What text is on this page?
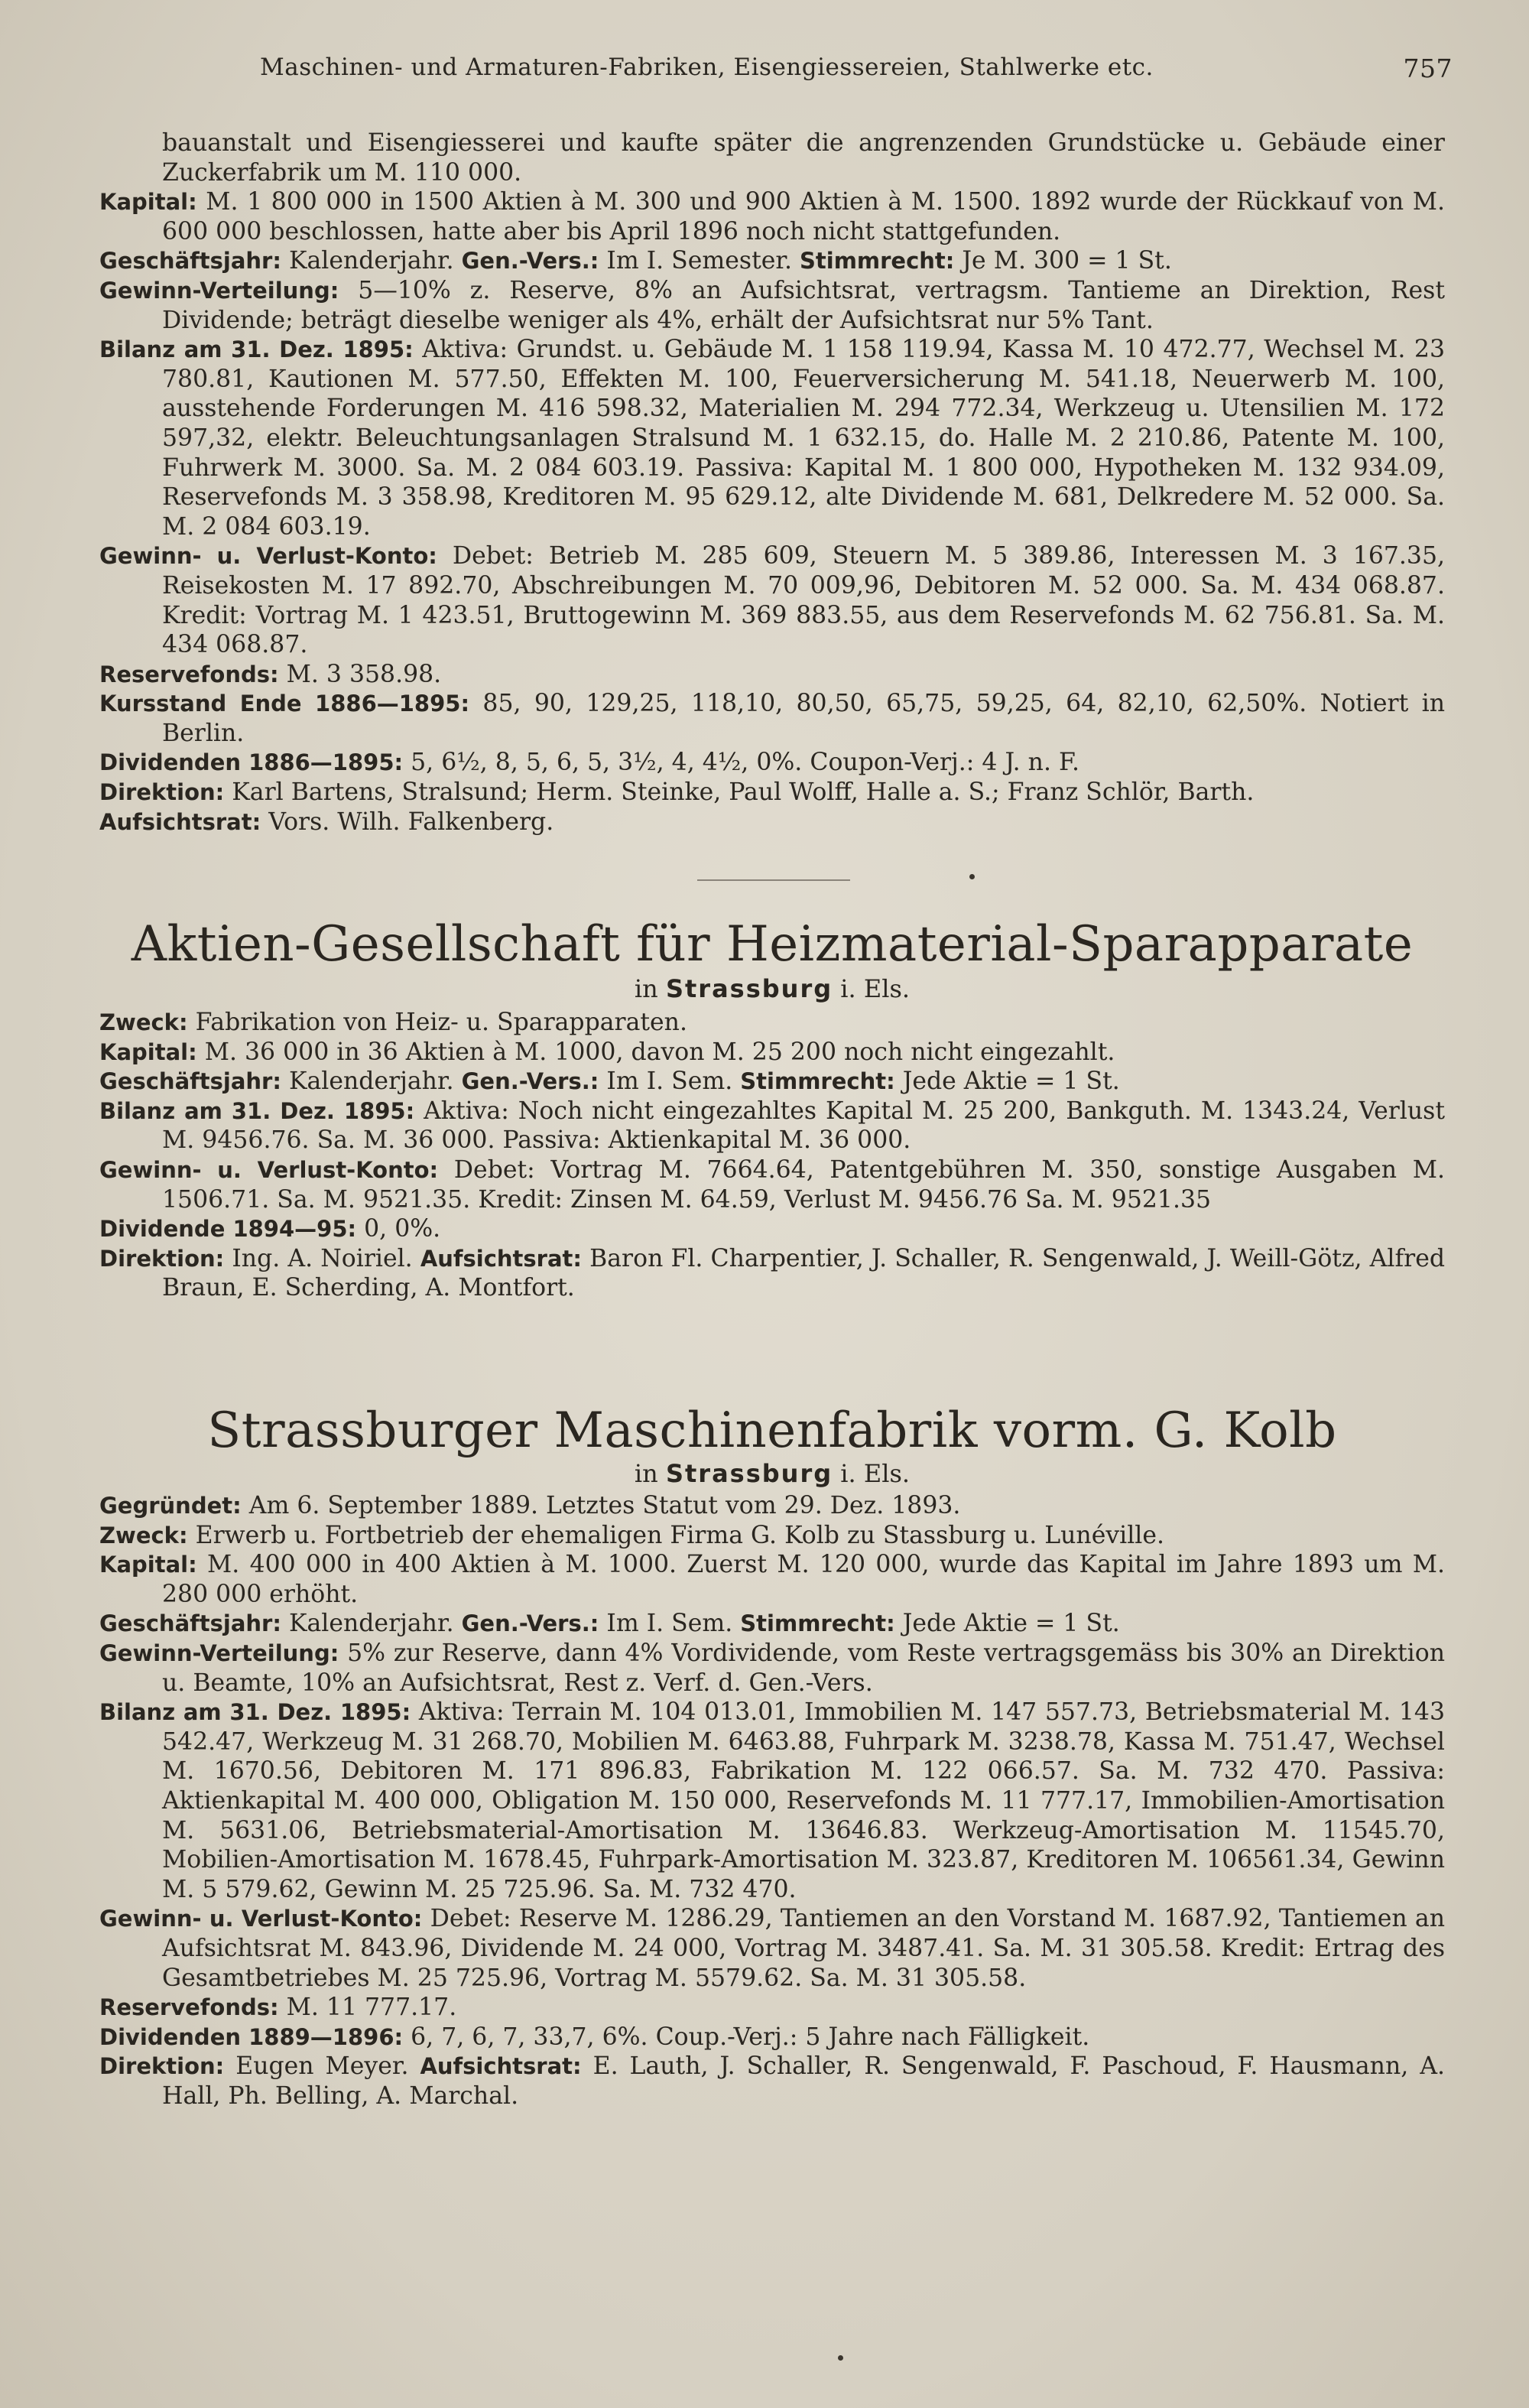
Maschinen- und Armaturen-Fabriken, Eisengiessereien, Stahlwerke etc.	757

bauanstalt und Eisengiesserei und kaufte später die angrenzenden Grundstücke u. Gebäude einer Zuckerfabrik um M. 110 000.

Kapital: M. 1 800 000 in 1500 Aktien à M. 300 und 900 Aktien à M. 1500. 1892 wurde der Rückkauf von M. 600 000 beschlossen, hatte aber bis April 1896 noch nicht stattgefunden.

Geschäftsjahr: Kalenderjahr. Gen.-Vers.: Im I. Semester. Stimmrecht: Je M. 300 = 1 St.

Gewinn-Verteilung: 5—10% z. Reserve, 8% an Aufsichtsrat, vertragsm. Tantieme an Direktion, Rest Dividende; beträgt dieselbe weniger als 4%, erhält der Aufsichtsrat nur 5% Tant.

Bilanz am 31. Dez. 1895: Aktiva: Grundst. u. Gebäude M. 1 158 119.94, Kassa M. 10 472.77, Wechsel M. 23 780.81, Kautionen M. 577.50, Effekten M. 100, Feuerversicherung M. 541.18, Neuerwerb M. 100, ausstehende Forderungen M. 416 598.32, Materialien M. 294 772.34, Werkzeug u. Utensilien M. 172 597,32, elektr. Beleuchtungsanlagen Stralsund M. 1 632.15, do. Halle M. 2 210.86, Patente M. 100, Fuhrwerk M. 3000. Sa. M. 2 084 603.19. Passiva: Kapital M. 1 800 000, Hypotheken M. 132 934.09, Reservefonds M. 3 358.98, Kreditoren M. 95 629.12, alte Dividende M. 681, Delkredere M. 52 000. Sa. M. 2 084 603.19.

Gewinn- u. Verlust-Konto: Debet: Betrieb M. 285 609, Steuern M. 5 389.86, Interessen M. 3 167.35, Reisekosten M. 17 892.70, Abschreibungen M. 70 009,96, Debitoren M. 52 000. Sa. M. 434 068.87. Kredit: Vortrag M. 1 423.51, Bruttogewinn M. 369 883.55, aus dem Reservefonds M. 62 756.81. Sa. M. 434 068.87.

Reservefonds: M. 3 358.98.

Kursstand Ende 1886—1895: 85, 90, 129,25, 118,10, 80,50, 65,75, 59,25, 64, 82,10, 62,50%. Notiert in Berlin.

Dividenden 1886—1895: 5, 6½, 8, 5, 6, 5, 3½, 4, 4½, 0%. Coupon-Verj.: 4 J. n. F.

Direktion: Karl Bartens, Stralsund; Herm. Steinke, Paul Wolff, Halle a. S.; Franz Schlör, Barth.

Aufsichtsrat: Vors. Wilh. Falkenberg.

Aktien-Gesellschaft für Heizmaterial-Sparapparate
in Strassburg i. Els.

Zweck: Fabrikation von Heiz- u. Sparapparaten.

Kapital: M. 36 000 in 36 Aktien à M. 1000, davon M. 25 200 noch nicht eingezahlt.

Geschäftsjahr: Kalenderjahr. Gen.-Vers.: Im I. Sem. Stimmrecht: Jede Aktie = 1 St.

Bilanz am 31. Dez. 1895: Aktiva: Noch nicht eingezahltes Kapital M. 25 200, Bankguth. M. 1343.24, Verlust M. 9456.76. Sa. M. 36 000. Passiva: Aktienkapital M. 36 000.

Gewinn- u. Verlust-Konto: Debet: Vortrag M. 7664.64, Patentgebühren M. 350, sonstige Ausgaben M. 1506.71. Sa. M. 9521.35. Kredit: Zinsen M. 64.59, Verlust M. 9456.76 Sa. M. 9521.35

Dividende 1894—95: 0, 0%.

Direktion: Ing. A. Noiriel. Aufsichtsrat: Baron Fl. Charpentier, J. Schaller, R. Sengenwald, J. Weill-Götz, Alfred Braun, E. Scherding, A. Montfort.

Strassburger Maschinenfabrik vorm. G. Kolb
in Strassburg i. Els.

Gegründet: Am 6. September 1889. Letztes Statut vom 29. Dez. 1893.

Zweck: Erwerb u. Fortbetrieb der ehemaligen Firma G. Kolb zu Stassburg u. Lunéville.

Kapital: M. 400 000 in 400 Aktien à M. 1000. Zuerst M. 120 000, wurde das Kapital im Jahre 1893 um M. 280 000 erhöht.

Geschäftsjahr: Kalenderjahr. Gen.-Vers.: Im I. Sem. Stimmrecht: Jede Aktie = 1 St.

Gewinn-Verteilung: 5% zur Reserve, dann 4% Vordividende, vom Reste vertragsgemäss bis 30% an Direktion u. Beamte, 10% an Aufsichtsrat, Rest z. Verf. d. Gen.-Vers.

Bilanz am 31. Dez. 1895: Aktiva: Terrain M. 104 013.01, Immobilien M. 147 557.73, Betriebsmaterial M. 143 542.47, Werkzeug M. 31 268.70, Mobilien M. 6463.88, Fuhrpark M. 3238.78, Kassa M. 751.47, Wechsel M. 1670.56, Debitoren M. 171 896.83, Fabrikation M. 122 066.57. Sa. M. 732 470. Passiva: Aktienkapital M. 400 000, Obligation M. 150 000, Reservefonds M. 11 777.17, Immobilien-Amortisation M. 5631.06, Betriebsmaterial-Amortisation M. 13646.83. Werkzeug-Amortisation M. 11545.70, Mobilien-Amortisation M. 1678.45, Fuhrpark-Amortisation M. 323.87, Kreditoren M. 106561.34, Gewinn M. 5 579.62, Gewinn M. 25 725.96. Sa. M. 732 470.

Gewinn- u. Verlust-Konto: Debet: Reserve M. 1286.29, Tantiemen an den Vorstand M. 1687.92, Tantiemen an Aufsichtsrat M. 843.96, Dividende M. 24 000, Vortrag M. 3487.41. Sa. M. 31 305.58. Kredit: Ertrag des Gesamtbetriebes M. 25 725.96, Vortrag M. 5579.62. Sa. M. 31 305.58.

Reservefonds: M. 11 777.17.

Dividenden 1889—1896: 6, 7, 6, 7, 33,7, 6%. Coup.-Verj.: 5 Jahre nach Fälligkeit.

Direktion: Eugen Meyer. Aufsichtsrat: E. Lauth, J. Schaller, R. Sengenwald, F. Paschoud, F. Hausmann, A. Hall, Ph. Belling, A. Marchal.
